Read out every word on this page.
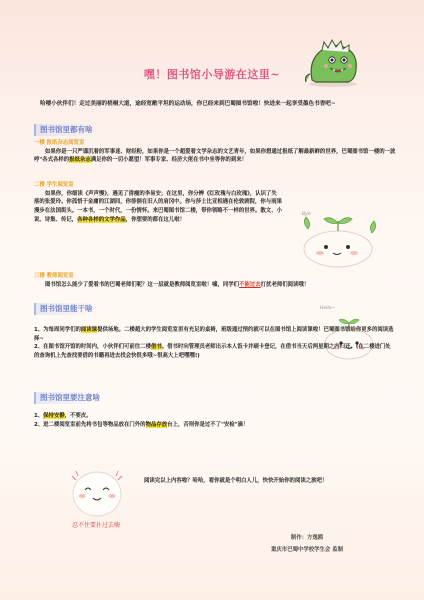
嘿！图书馆小导游在这里~
哈喽小伙伴们！走过美丽的梧桐大道，途经宽敞平坦的运动场，你已经来到巴蜀图书馆啦！快进来一起享受墨色书香吧~
图书馆里都有啥
一楼 报纸杂志阅览室
如果你是一只严谨沉着的军事迷、财经粉，如果你是一个超爱看文学杂志的文艺青年，如果你想通过报纸了解最新鲜的世界，巴蜀图书馆一楼的一波哼"各式各样的报纸杂志满足你的一切小愿望！军事专家、经济大佬在书中坐等你的到来！
二楼 学生阅览室
如果你，你细读《声声慢》，遇见了清瘦的李易安；在这里，你分辨《红玫瑰与白玫瑰》，认识了失落的张爱玲。你孤悟于金庸的江湖间，你徘徊在旧人的肩冈中。你与莎士比亚相遇在伦敦剧院，你与雨果漫步在法国街头。一本书，一个时代，一份情怀。来巴蜀图书馆二楼，带你领略不一样的世界。散文、小说、诗集、传记，各种各样的文学作品，你想要的都在这儿啦！
Bye
三楼 教师阅览室
图书馆怎么能少了爱看书的巴蜀老师们呢？这一层就是教师阅览室啦！嘘，同学们不能过去打扰老师们阅读哦！
图书馆里能干啥	Hello~
1、为每周同学们的阅读课提供场地。二楼超大的学生阅览室里有充足的桌椅，班级通过预约就可以在图书馆上阅读课啦！巴蜀图书馆给你更多的阅读选择~
2、在图书馆开馆的时间内，小伙伴们可前往二楼借书。借书时向管理员老师出示本人饭卡并刷卡登记，在借书当天后两星期之内归还。(在二楼进门处的查询机上先查找要借的书籍再进去找会快很多哦~很高大上吧嘿嘿!)
图书馆里要注意啥
1、保持安静，不要皮。
2、进二楼阅览室前先将书包等物品放在门外的物品存放台上，否则你是过不了"安检"滴！
忍不住要扑过去嗨
阅读完以上内容啦？哈哈，看你就是个明白人儿，快快开始你的阅读之旅吧！
制作：方逸鸥
重庆市巴蜀中学校学生会 监制
